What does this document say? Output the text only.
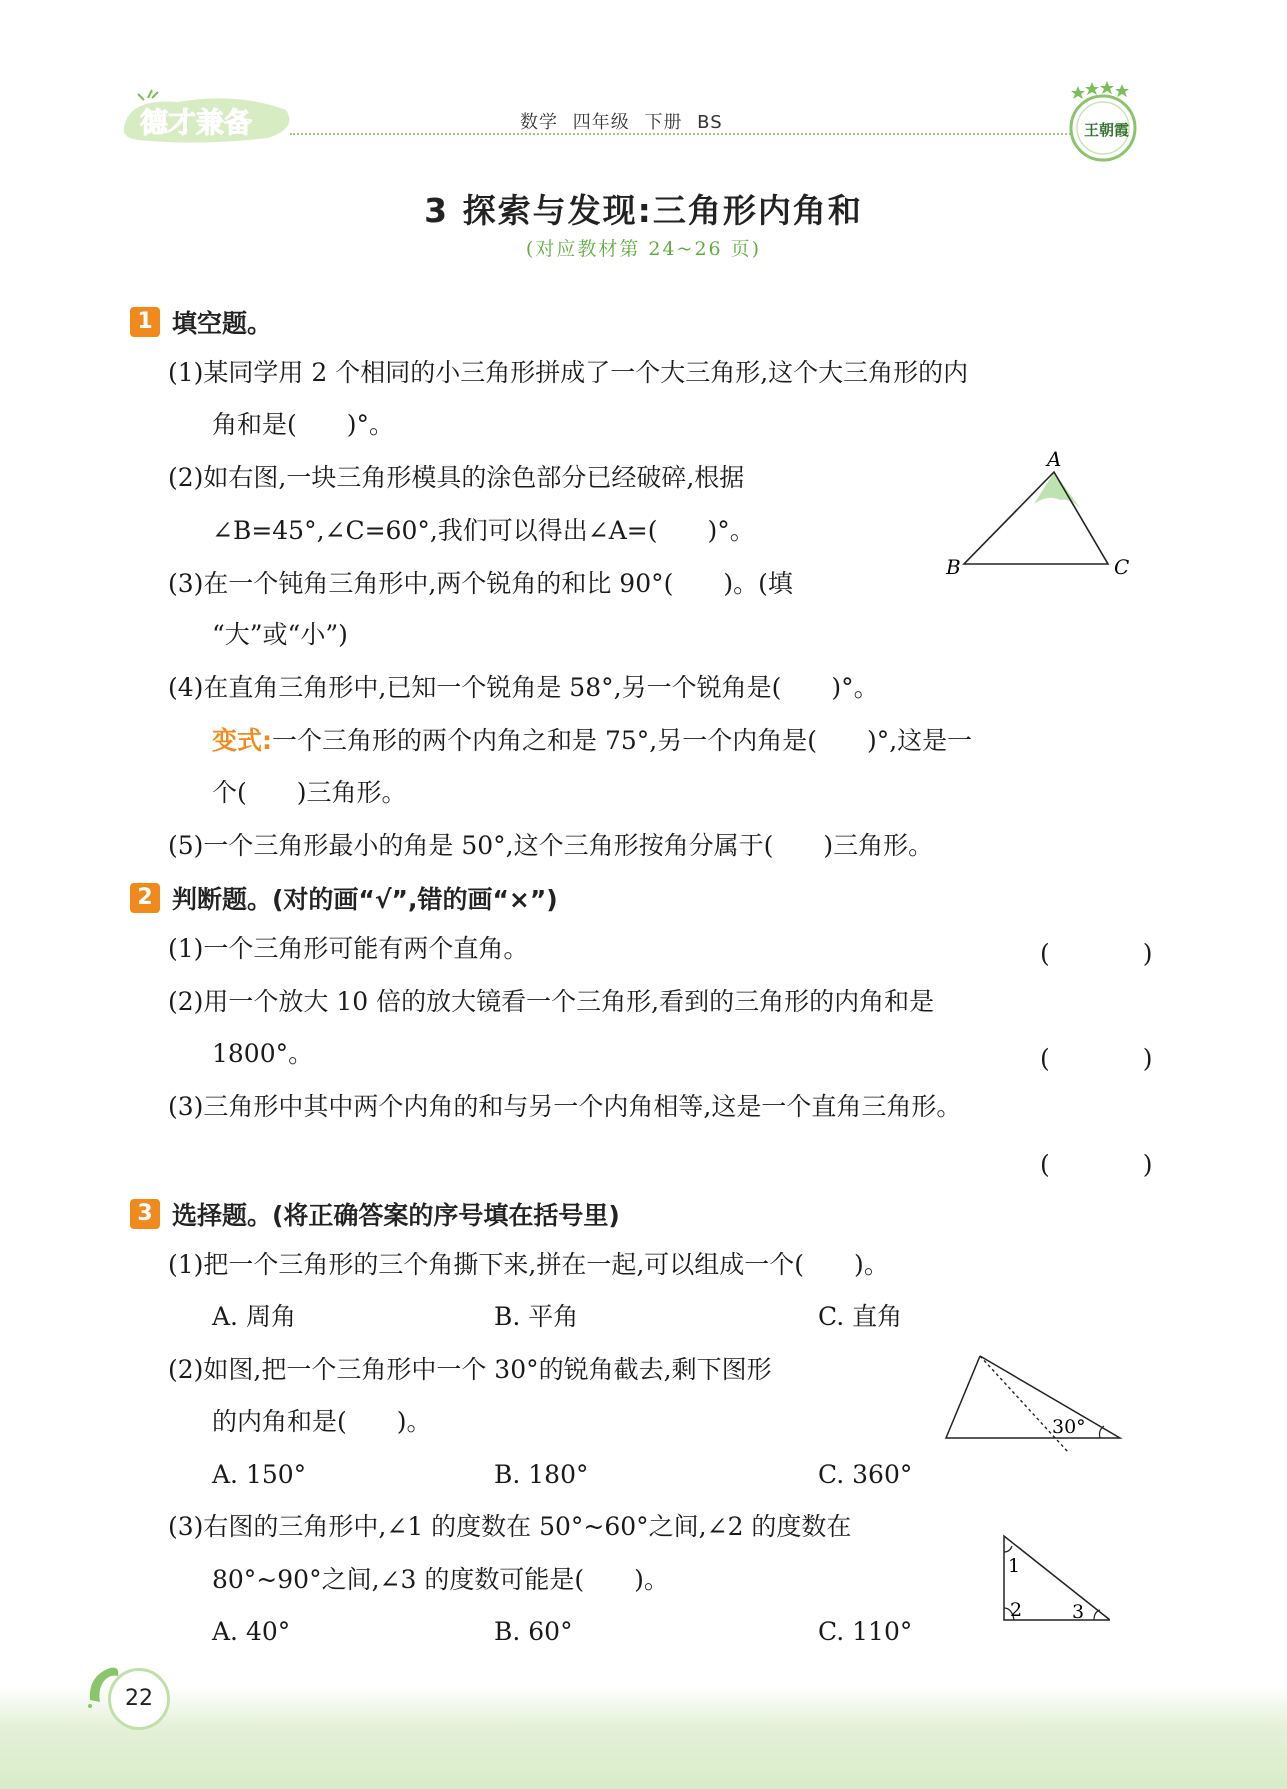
德才兼备	数学 四年级 下册 BS	王朝霞
3 探索与发现:三角形内角和
(对应教材第 24~26 页)
1 填空题。
(1)某同学用 2 个相同的小三角形拼成了一个大三角形,这个大三角形的内
角和是(　　)°。
(2)如右图,一块三角形模具的涂色部分已经破碎,根据
∠B=45°,∠C=60°,我们可以得出∠A=(　　)°。
(3)在一个钝角三角形中,两个锐角的和比 90°(　　)。(填
“大”或“小”)
(4)在直角三角形中,已知一个锐角是 58°,另一个锐角是(　　)°。
变式:一个三角形的两个内角之和是 75°,另一个内角是(　　)°,这是一
个(　　)三角形。
(5)一个三角形最小的角是 50°,这个三角形按角分属于(　　)三角形。
A
B	C
2 判断题。(对的画“√”,错的画“×”)
(1)一个三角形可能有两个直角。	(　)
(2)用一个放大 10 倍的放大镜看一个三角形,看到的三角形的内角和是
1800°。	(　)
(3)三角形中其中两个内角的和与另一个内角相等,这是一个直角三角形。
(　)
3 选择题。(将正确答案的序号填在括号里)
(1)把一个三角形的三个角撕下来,拼在一起,可以组成一个(　　)。
A. 周角	B. 平角	C. 直角
(2)如图,把一个三角形中一个 30°的锐角截去,剩下图形
的内角和是(　　)。
A. 150°	B. 180°	C. 360°
30°
(3)右图的三角形中,∠1 的度数在 50°~60°之间,∠2 的度数在
80°~90°之间,∠3 的度数可能是(　　)。
A. 40°	B. 60°	C. 110°
1
2	3
22
